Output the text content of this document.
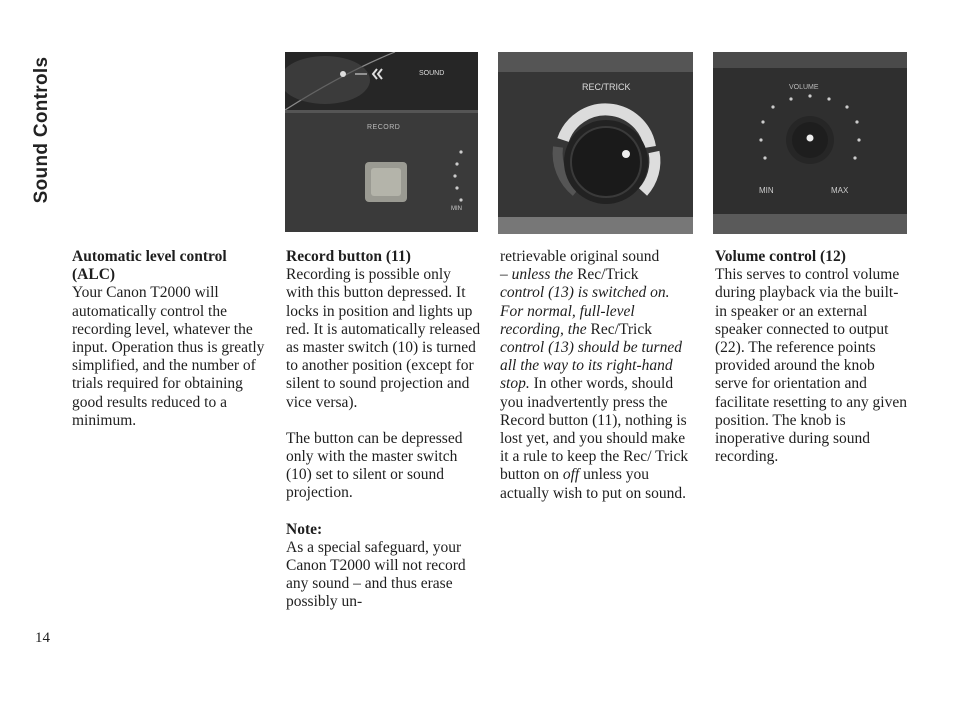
Sound Controls	SOUND
RECORD
MIN
REC/TRICK	VOLUME
MIN	MAX

Automatic level control (ALC)

Your Canon T2000 will automatically control the recording level, whatever the input. Operation thus is greatly simplified, and the number of trials required for obtaining good results reduced to a minimum.

Record button (11)

Recording is possible only with this button depressed. It locks in position and lights up red. It is automatically released as master switch (10) is turned to another position (except for silent to sound projection and vice versa).

The button can be depressed only with the master switch (10) set to silent or sound projection.

Note:

As a special safeguard, your Canon T2000 will not record any sound – and thus erase possibly un-

retrievable original sound
– unless the Rec/Trick
control (13) is switched on. For normal, full-level recording, the Rec/Trick
control (13) should be turned all the way to its right-hand stop. In other words, should you inadvertently press the Record button (11), nothing is lost yet, and you should make it a rule to keep the Rec/ Trick button on off unless you actually wish to put on sound.

Volume control (12)

This serves to control volume during playback via the built-in speaker or an external speaker connected to output (22). The reference points provided around the knob serve for orientation and facilitate resetting to any given position. The knob is inoperative during sound recording.

14
